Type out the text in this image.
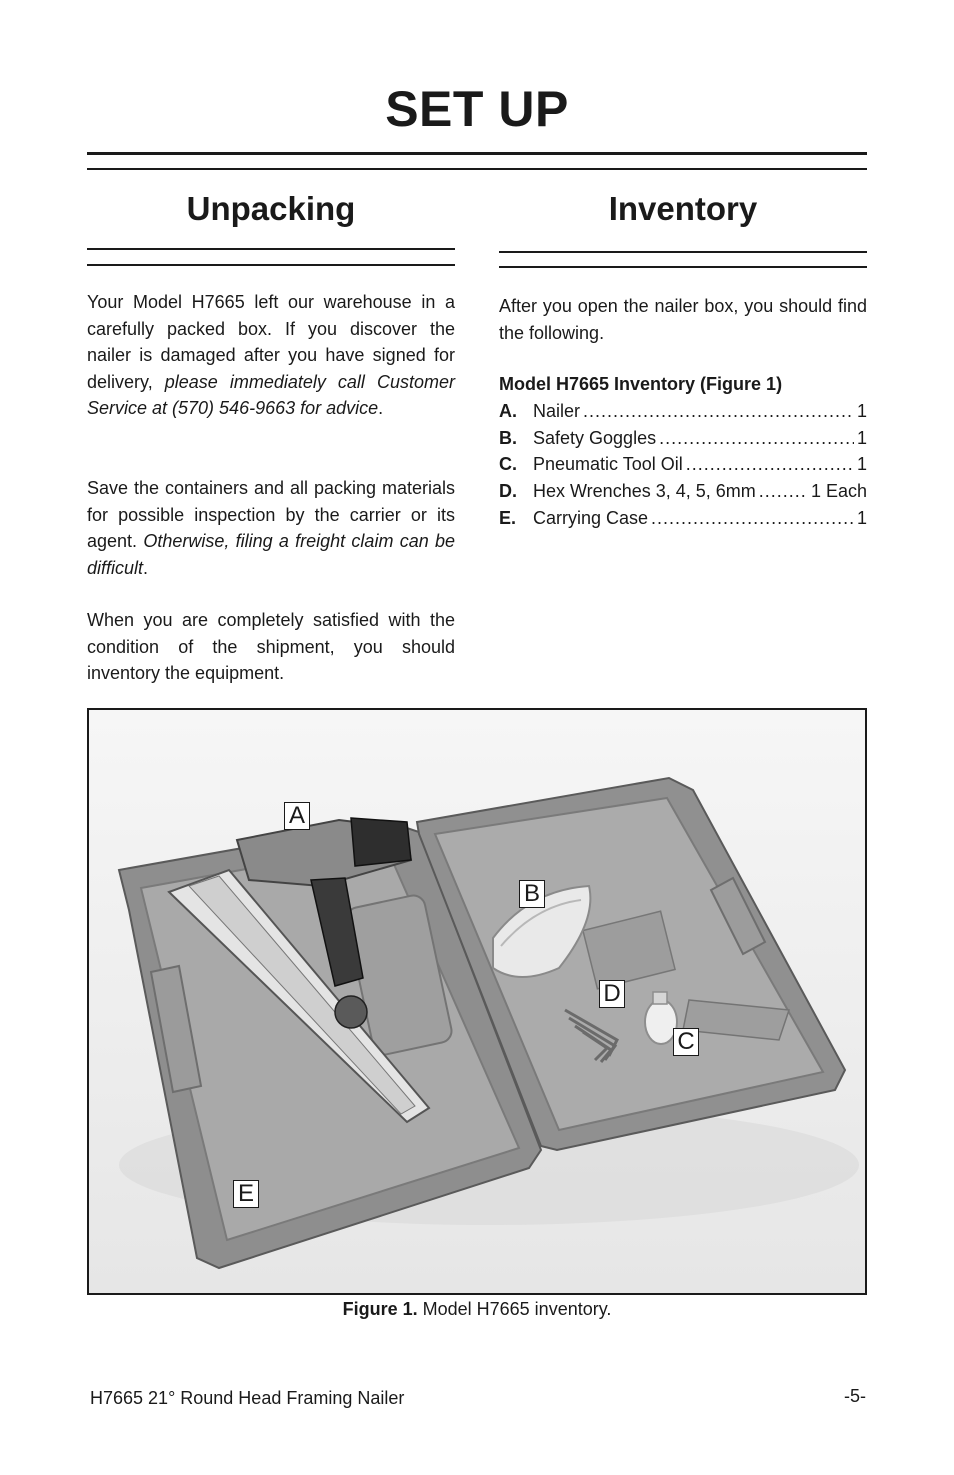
SET UP
Unpacking

Your Model H7665 left our warehouse in a carefully packed box. If you discover the nailer is damaged after you have signed for delivery, please immediately call Customer Service at (570) 546-9663 for advice.

Save the containers and all packing materials for possible inspection by the carrier or its agent. Otherwise, filing a freight claim can be difficult.

When you are completely satisfied with the condition of the shipment, you should inventory the equipment.

Inventory

After you open the nailer box, you should find the following.

Model H7665 Inventory (Figure 1)
A. Nailer .....	1
B. Safety Goggles .....	1
C. Pneumatic Tool Oil .....	1
D. Hex Wrenches 3, 4, 5, 6mm .....	1 Each
E. Carrying Case .....	1
A
B
C
D
E
Figure 1. Model H7665 inventory.
H7665 21° Round Head Framing Nailer	-5-
